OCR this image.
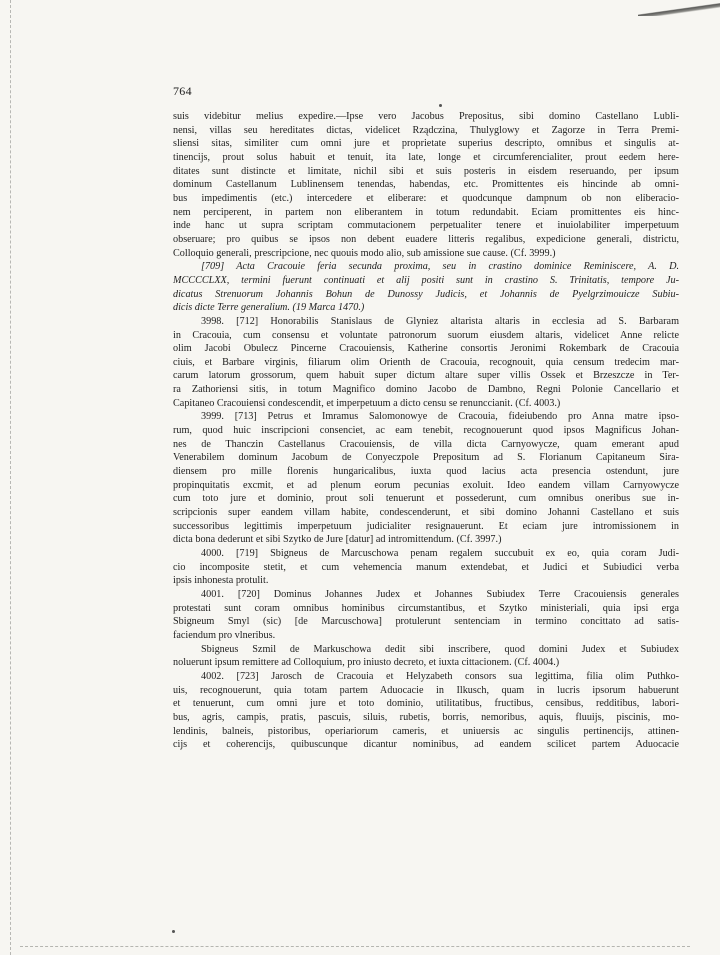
764
suis videbitur melius expedire.—Ipse vero Jacobus Prepositus, sibi domino Castellano Lubli-
nensi, villas seu hereditates dictas, videlicet Rządczina, Thulyglowy et Zagorze in Terra Premi-
sliensi sitas, similiter cum omni jure et proprietate superius descripto, omnibus et singulis at-
tinencijs, prout solus habuit et tenuit, ita late, longe et circumferencialiter, prout eedem here-
ditates sunt distincte et limitate, nichil sibi et suis posteris in eisdem reseruando, per ipsum
dominum Castellanum Lublinensem tenendas, habendas, etc. Promittentes eis hincinde ab omni-
bus impedimentis (etc.) intercedere et eliberare: et quodcunque dampnum ob non eliberacio-
nem perciperent, in partem non eliberantem in totum redundabit. Eciam promittentes eis hinc-
inde hanc ut supra scriptam commutacionem perpetualiter tenere et inuiolabiliter imperpetuum
obseruare; pro quibus se ipsos non debent euadere litteris regalibus, expedicione generali, districtu,
Colloquio generali, prescripcione, nec quouis modo alio, sub amissione sue cause. (Cf. 3999.)
[709] Acta Cracouie feria secunda proxima, seu in crastino dominice Reminiscere, A. D.
MCCCCLXX, termini fuerunt continuati et alij positi sunt in crastino S. Trinitatis, tempore Ju-
dicatus Strenuorum Johannis Bohun de Dunossy Judicis, et Johannis de Pyelgrzimouicze Subiu-
dicis dicte Terre generalium. (19 Marca 1470.)
3998. [712] Honorabilis Stanislaus de Glyniez altarista altaris in ecclesia ad S. Barbaram
in Cracouia, cum consensu et voluntate patronorum suorum eiusdem altaris, videlicet Anne relicte
olim Jacobi Obulecz Pincerne Cracouiensis, Katherine consortis Jeronimi Rokembark de Cracouia
ciuis, et Barbare virginis, filiarum olim Orienth de Cracouia, recognouit, quia censum tredecim mar-
carum latorum grossorum, quem habuit super dictum altare super villis Ossek et Brzeszcze in Ter-
ra Zathoriensi sitis, in totum Magnifico domino Jacobo de Dambno, Regni Polonie Cancellario et
Capitaneo Cracouiensi condescendit, et imperpetuum a dicto censu se renunccianit. (Cf. 4003.)
3999. [713] Petrus et Imramus Salomonowye de Cracouia, fideiubendo pro Anna matre ipso-
rum, quod huic inscripcioni consenciet, ac eam tenebit, recognouerunt quod ipsos Magnificus Johan-
nes de Thanczin Castellanus Cracouiensis, de villa dicta Carnyowycze, quam emerant apud
Venerabilem dominum Jacobum de Conyeczpole Prepositum ad S. Florianum Capitaneum Sira-
diensem pro mille florenis hungaricalibus, iuxta quod lacius acta presencia ostendunt, jure
propinquitatis excmit, et ad plenum eorum pecunias exoluit. Ideo eandem villam Carnyowycze
cum toto jure et dominio, prout soli tenuerunt et possederunt, cum omnibus oneribus sue in-
scripcionis super eandem villam habite, condescenderunt, et sibi domino Johanni Castellano et suis
successoribus legittimis imperpetuum judicialiter resignauerunt. Et eciam jure intromissionem in
dicta bona dederunt et sibi Szytko de Jure [datur] ad intromittendum. (Cf. 3997.)
4000. [719] Sbigneus de Marcuschowa penam regalem succubuit ex eo, quia coram Judi-
cio incomposite stetit, et cum vehemencia manum extendebat, et Judici et Subiudici verba
ipsis inhonesta protulit.
4001. [720] Dominus Johannes Judex et Johannes Subiudex Terre Cracouiensis generales
protestati sunt coram omnibus hominibus circumstantibus, et Szytko ministeriali, quia ipsi erga
Sbigneum Smyl (sic) [de Marcuschowa] protulerunt sentenciam in termino concittato ad satis-
faciendum pro vlneribus.
Sbigneus Szmil de Markuschowa dedit sibi inscribere, quod domini Judex et Subiudex
noluerunt ipsum remittere ad Colloquium, pro iniusto decreto, et iuxta cittacionem. (Cf. 4004.)
4002. [723] Jarosch de Cracouia et Helyzabeth consors sua legittima, filia olim Puthko-
uis, recognouerunt, quia totam partem Aduocacie in Ilkusch, quam in lucris ipsorum habuerunt
et tenuerunt, cum omni jure et toto dominio, utilitatibus, fructibus, censibus, redditibus, labori-
bus, agris, campis, pratis, pascuis, siluis, rubetis, borris, nemoribus, aquis, fluuijs, piscinis, mo-
lendinis, balneis, pistoribus, operiariorum cameris, et uniuersis ac singulis pertinencijs, attinen-
cijs et coherencijs, quibuscunque dicantur nominibus, ad eandem scilicet partem Aduocacie
